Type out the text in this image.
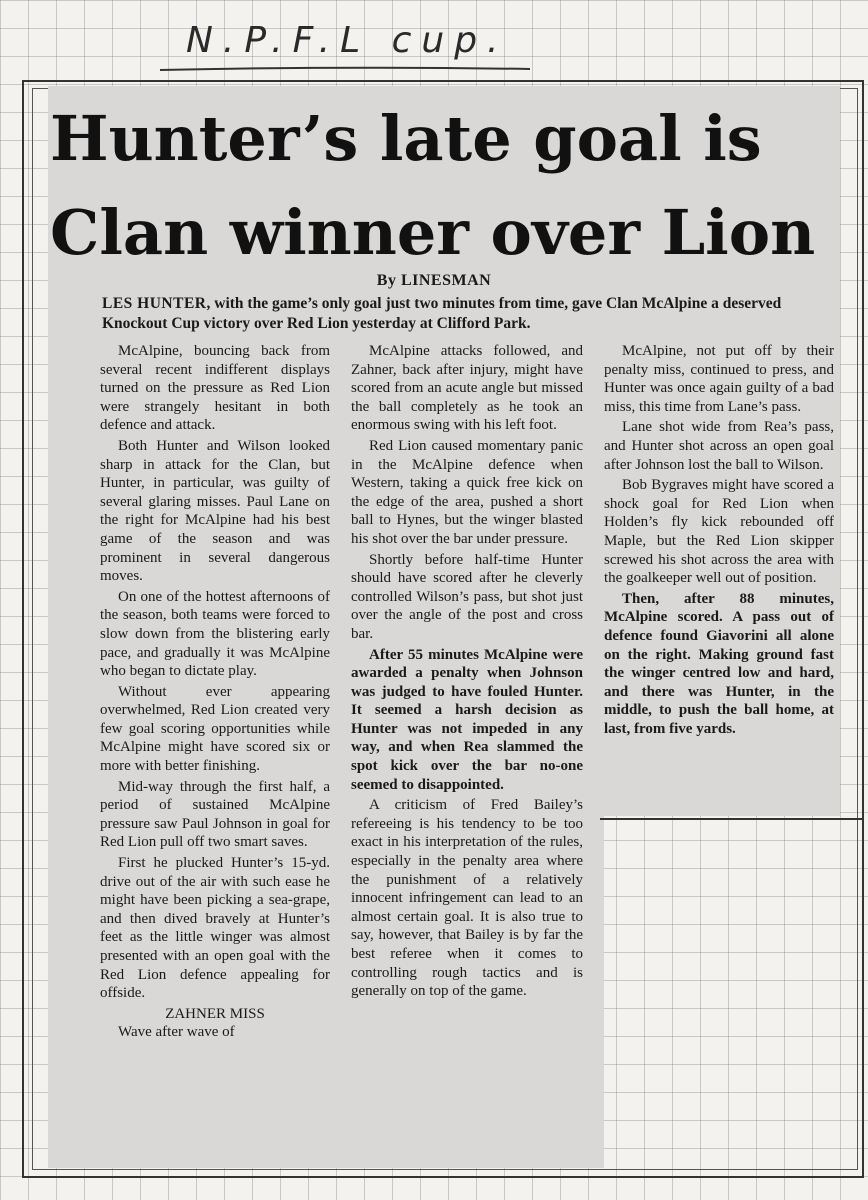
N.P.F.L cup.
Hunter’s late goal is
Clan winner over Lion
By LINESMAN
LES HUNTER, with the game’s only goal just two minutes from time, gave Clan McAlpine a deserved Knockout Cup victory over Red Lion yesterday at Clifford Park.

McAlpine, bouncing back from several recent indifferent displays turned on the pressure as Red Lion were strangely hesitant in both defence and attack.

Both Hunter and Wilson looked sharp in attack for the Clan, but Hunter, in particular, was guilty of several glaring misses. Paul Lane on the right for McAlpine had his best game of the season and was prominent in several dangerous moves.

On one of the hottest afternoons of the season, both teams were forced to slow down from the blistering early pace, and gradually it was McAlpine who began to dictate play.

Without ever appearing overwhelmed, Red Lion created very few goal scoring opportunities while McAlpine might have scored six or more with better finishing.

Mid-way through the first half, a period of sustained McAlpine pressure saw Paul Johnson in goal for Red Lion pull off two smart saves.

First he plucked Hunter’s 15-yd. drive out of the air with such ease he might have been picking a sea-grape, and then dived bravely at Hunter’s feet as the little winger was almost presented with an open goal with the Red Lion defence appealing for offside.

ZAHNER MISS

Wave after wave of

McAlpine attacks followed, and Zahner, back after injury, might have scored from an acute angle but missed the ball completely as he took an enormous swing with his left foot.

Red Lion caused momentary panic in the McAlpine defence when Western, taking a quick free kick on the edge of the area, pushed a short ball to Hynes, but the winger blasted his shot over the bar under pressure.

Shortly before half-time Hunter should have scored after he cleverly controlled Wilson’s pass, but shot just over the angle of the post and cross bar.

After 55 minutes McAlpine were awarded a penalty when Johnson was judged to have fouled Hunter. It seemed a harsh decision as Hunter was not impeded in any way, and when Rea slammed the spot kick over the bar no-one seemed to disappointed.

A criticism of Fred Bailey’s refereeing is his tendency to be too exact in his interpretation of the rules, especially in the penalty area where the punishment of a relatively innocent infringement can lead to an almost certain goal. It is also true to say, however, that Bailey is by far the best referee when it comes to controlling rough tactics and is generally on top of the game.

McAlpine, not put off by their penalty miss, continued to press, and Hunter was once again guilty of a bad miss, this time from Lane’s pass.

Lane shot wide from Rea’s pass, and Hunter shot across an open goal after Johnson lost the ball to Wilson.

Bob Bygraves might have scored a shock goal for Red Lion when Holden’s fly kick rebounded off Maple, but the Red Lion skipper screwed his shot across the area with the goalkeeper well out of position.

Then, after 88 minutes, McAlpine scored. A pass out of defence found Giavorini all alone on the right. Making ground fast the winger centred low and hard, and there was Hunter, in the middle, to push the ball home, at last, from five yards.
